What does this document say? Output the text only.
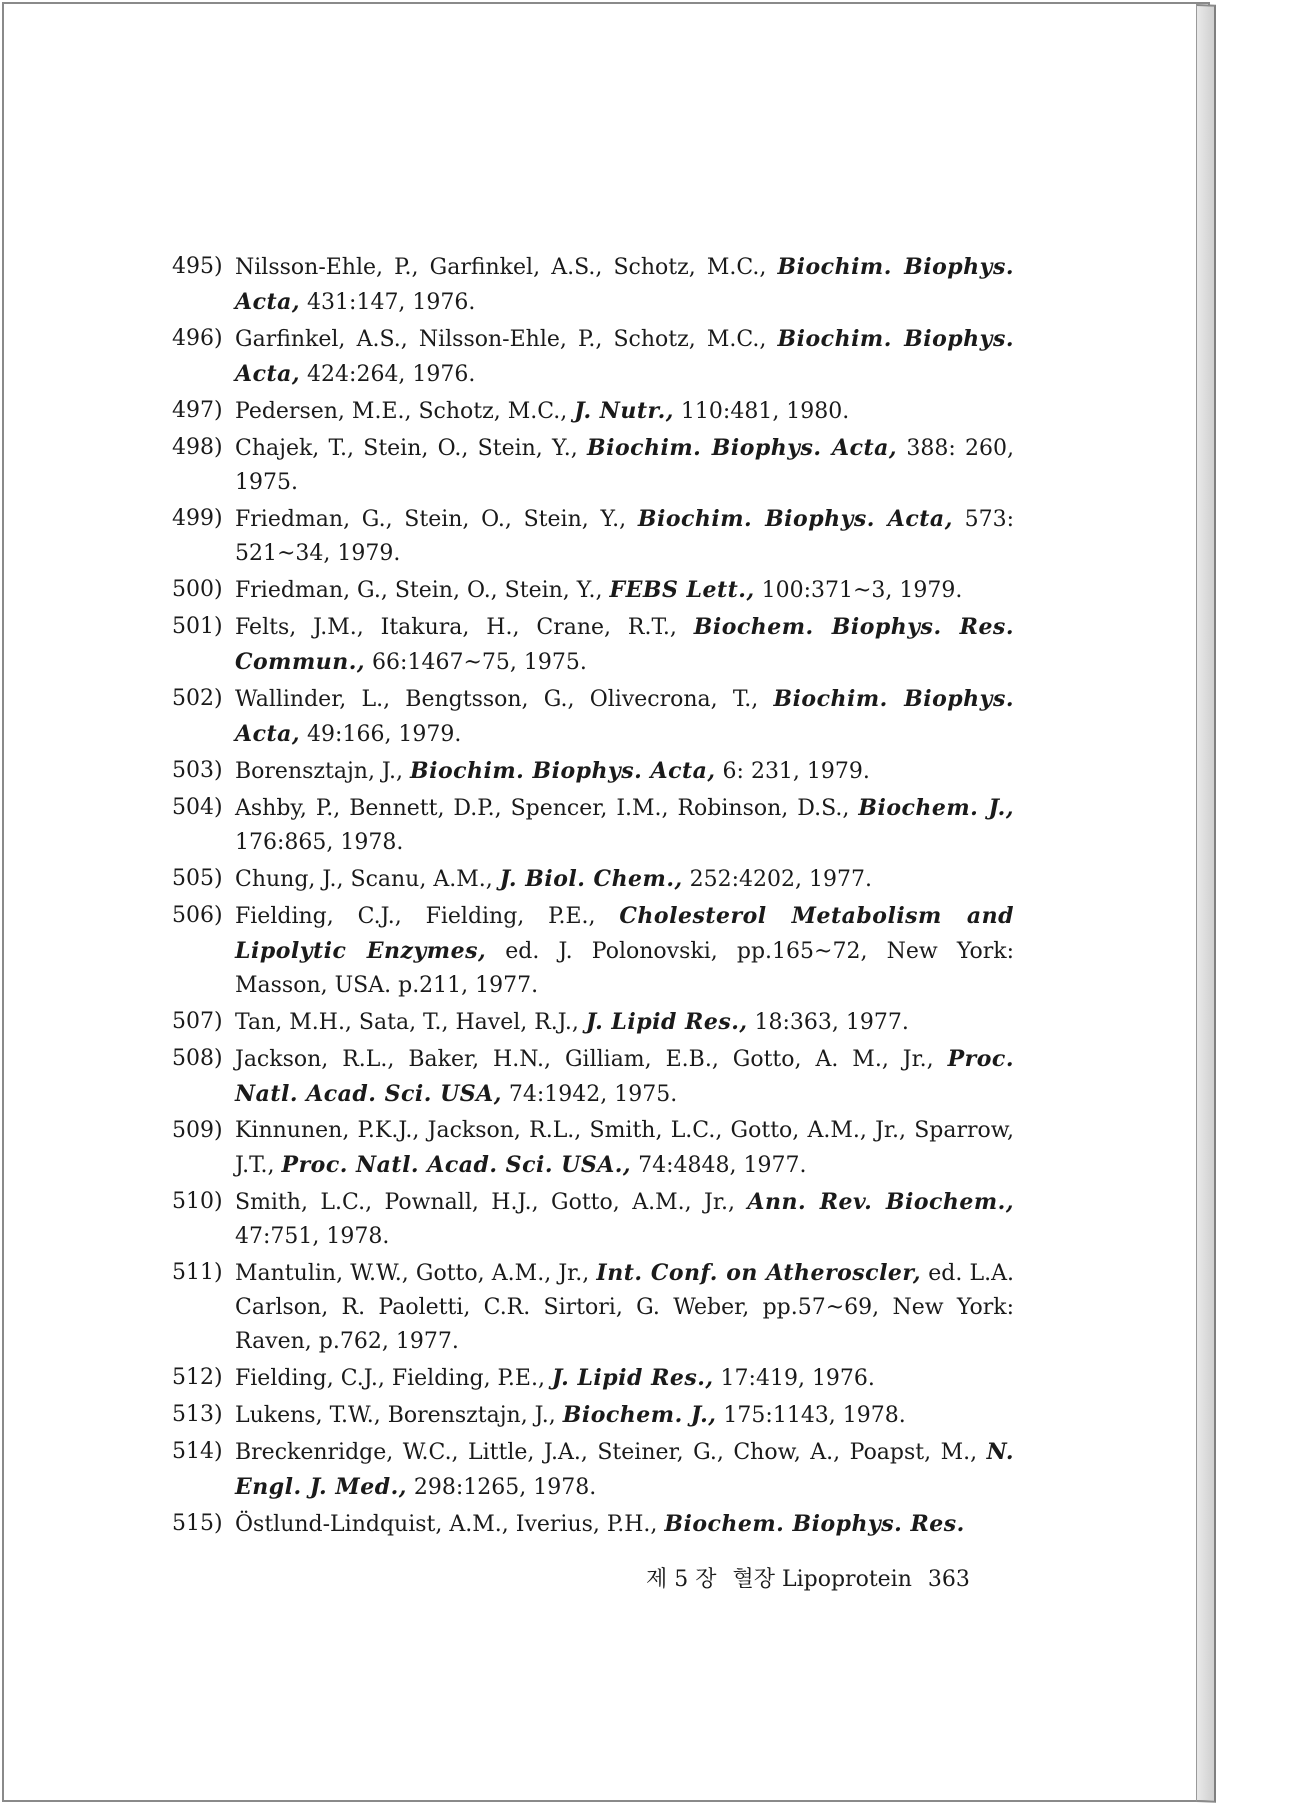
495) Nilsson-Ehle, P., Garfinkel, A.S., Schotz, M.C., Biochim. Biophys. Acta, 431:147, 1976.
496) Garfinkel, A.S., Nilsson-Ehle, P., Schotz, M.C., Biochim. Biophys. Acta, 424:264, 1976.
497) Pedersen, M.E., Schotz, M.C., J. Nutr., 110:481, 1980.
498) Chajek, T., Stein, O., Stein, Y., Biochim. Biophys. Acta, 388: 260, 1975.
499) Friedman, G., Stein, O., Stein, Y., Biochim. Biophys. Acta, 573: 521~34, 1979.
500) Friedman, G., Stein, O., Stein, Y., FEBS Lett., 100:371~3, 1979.
501) Felts, J.M., Itakura, H., Crane, R.T., Biochem. Biophys. Res. Commun., 66:1467~75, 1975.
502) Wallinder, L., Bengtsson, G., Olivecrona, T., Biochim. Biophys. Acta, 49:166, 1979.
503) Borensztajn, J., Biochim. Biophys. Acta, 6: 231, 1979.
504) Ashby, P., Bennett, D.P., Spencer, I.M., Robinson, D.S., Biochem. J., 176:865, 1978.
505) Chung, J., Scanu, A.M., J. Biol. Chem., 252:4202, 1977.
506) Fielding, C.J., Fielding, P.E., Cholesterol Metabolism and Lipolytic Enzymes, ed. J. Polonovski, pp.165~72, New York: Masson, USA. p.211, 1977.
507) Tan, M.H., Sata, T., Havel, R.J., J. Lipid Res., 18:363, 1977.
508) Jackson, R.L., Baker, H.N., Gilliam, E.B., Gotto, A. M., Jr., Proc. Natl. Acad. Sci. USA, 74:1942, 1975.
509) Kinnunen, P.K.J., Jackson, R.L., Smith, L.C., Gotto, A.M., Jr., Sparrow, J.T., Proc. Natl. Acad. Sci. USA., 74:4848, 1977.
510) Smith, L.C., Pownall, H.J., Gotto, A.M., Jr., Ann. Rev. Biochem., 47:751, 1978.
511) Mantulin, W.W., Gotto, A.M., Jr., Int. Conf. on Atheroscler, ed. L.A. Carlson, R. Paoletti, C.R. Sirtori, G. Weber, pp.57~69, New York: Raven, p.762, 1977.
512) Fielding, C.J., Fielding, P.E., J. Lipid Res., 17:419, 1976.
513) Lukens, T.W., Borensztajn, J., Biochem. J., 175:1143, 1978.
514) Breckenridge, W.C., Little, J.A., Steiner, G., Chow, A., Poapst, M., N. Engl. J. Med., 298:1265, 1978.
515) Östlund-Lindquist, A.M., Iverius, P.H., Biochem. Biophys. Res.
제 5 장 혈장 Lipoprotein 363
